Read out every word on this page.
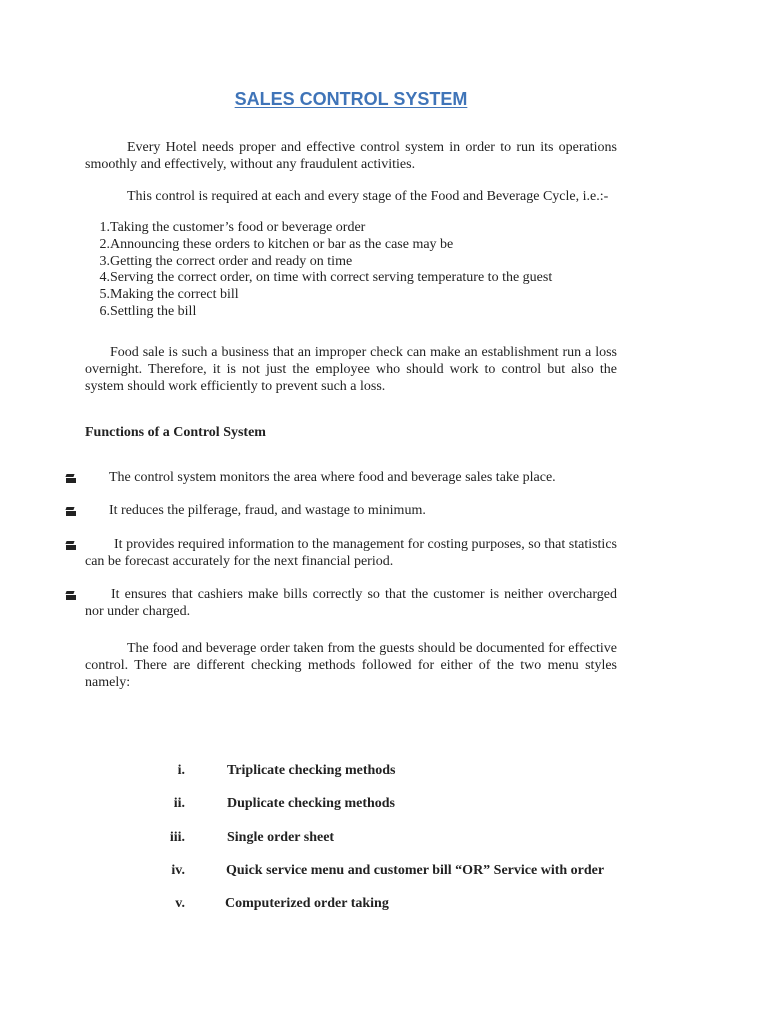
SALES CONTROL SYSTEM

Every Hotel needs proper and effective control system in order to run its operations smoothly and effectively, without any fraudulent activities.

This control is required at each and every stage of the Food and Beverage Cycle, i.e.:-

1. Taking the customer’s food or beverage order
2. Announcing these orders to kitchen or bar as the case may be
3. Getting the correct order and ready on time
4. Serving the correct order, on time with correct serving temperature to the guest
5. Making the correct bill
6. Settling the bill

Food sale is such a business that an improper check can make an establishment run a loss overnight. Therefore, it is not just the employee who should work to control but also the system should work efficiently to prevent such a loss.

Functions of a Control System

The control system monitors the area where food and beverage sales take place.

It reduces the pilferage, fraud, and wastage to minimum.

It provides required information to the management for costing purposes, so that statistics can be forecast accurately for the next financial period.

It ensures that cashiers make bills correctly so that the customer is neither overcharged nor under charged.

The food and beverage order taken from the guests should be documented for effective control. There are different checking methods followed for either of the two menu styles namely:

i.	Triplicate checking methods
ii.	Duplicate checking methods
iii.	Single order sheet
iv.	Quick service menu and customer bill “OR” Service with order
v.	Computerized order taking
